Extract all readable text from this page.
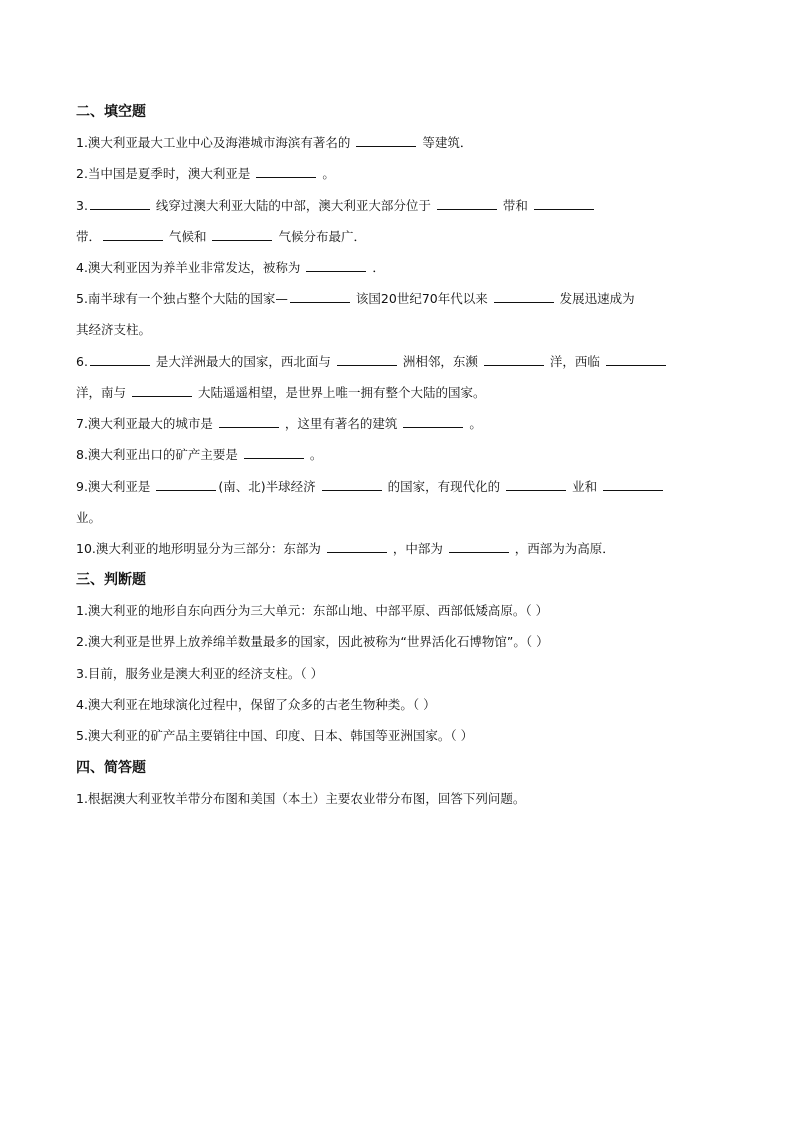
二、填空题
1.澳大利亚最大工业中心及海港城市海滨有著名的	等建筑．
2.当中国是夏季时，澳大利亚是	。
3.	线穿过澳大利亚大陆的中部，澳大利亚大部分位于	带和
带．	气候和	气候分布最广．
4.澳大利亚因为养羊业非常发达，被称为	．
5.南半球有一个独占整个大陆的国家—	该国20世纪70年代以来	发展迅速成为
其经济支柱。
6.	是大洋洲最大的国家，西北面与	洲相邻，东濒	洋，西临
洋，南与	大陆遥遥相望，是世界上唯一拥有整个大陆的国家。
7.澳大利亚最大的城市是	，这里有著名的建筑	。
8.澳大利亚出口的矿产主要是	。
9.澳大利亚是	(南、北)半球经济	的国家，有现代化的	业和
业。
10.澳大利亚的地形明显分为三部分：东部为	，中部为	，西部为为高原．
三、判断题
1.澳大利亚的地形自东向西分为三大单元：东部山地、中部平原、西部低矮高原。（ ）
2.澳大利亚是世界上放养绵羊数量最多的国家，因此被称为“世界活化石博物馆”。（ ）
3.目前，服务业是澳大利亚的经济支柱。（ ）
4.澳大利亚在地球演化过程中，保留了众多的古老生物种类。（ ）
5.澳大利亚的矿产品主要销往中国、印度、日本、韩国等亚洲国家。（ ）
四、简答题
1.根据澳大利亚牧羊带分布图和美国（本土）主要农业带分布图，回答下列问题。
